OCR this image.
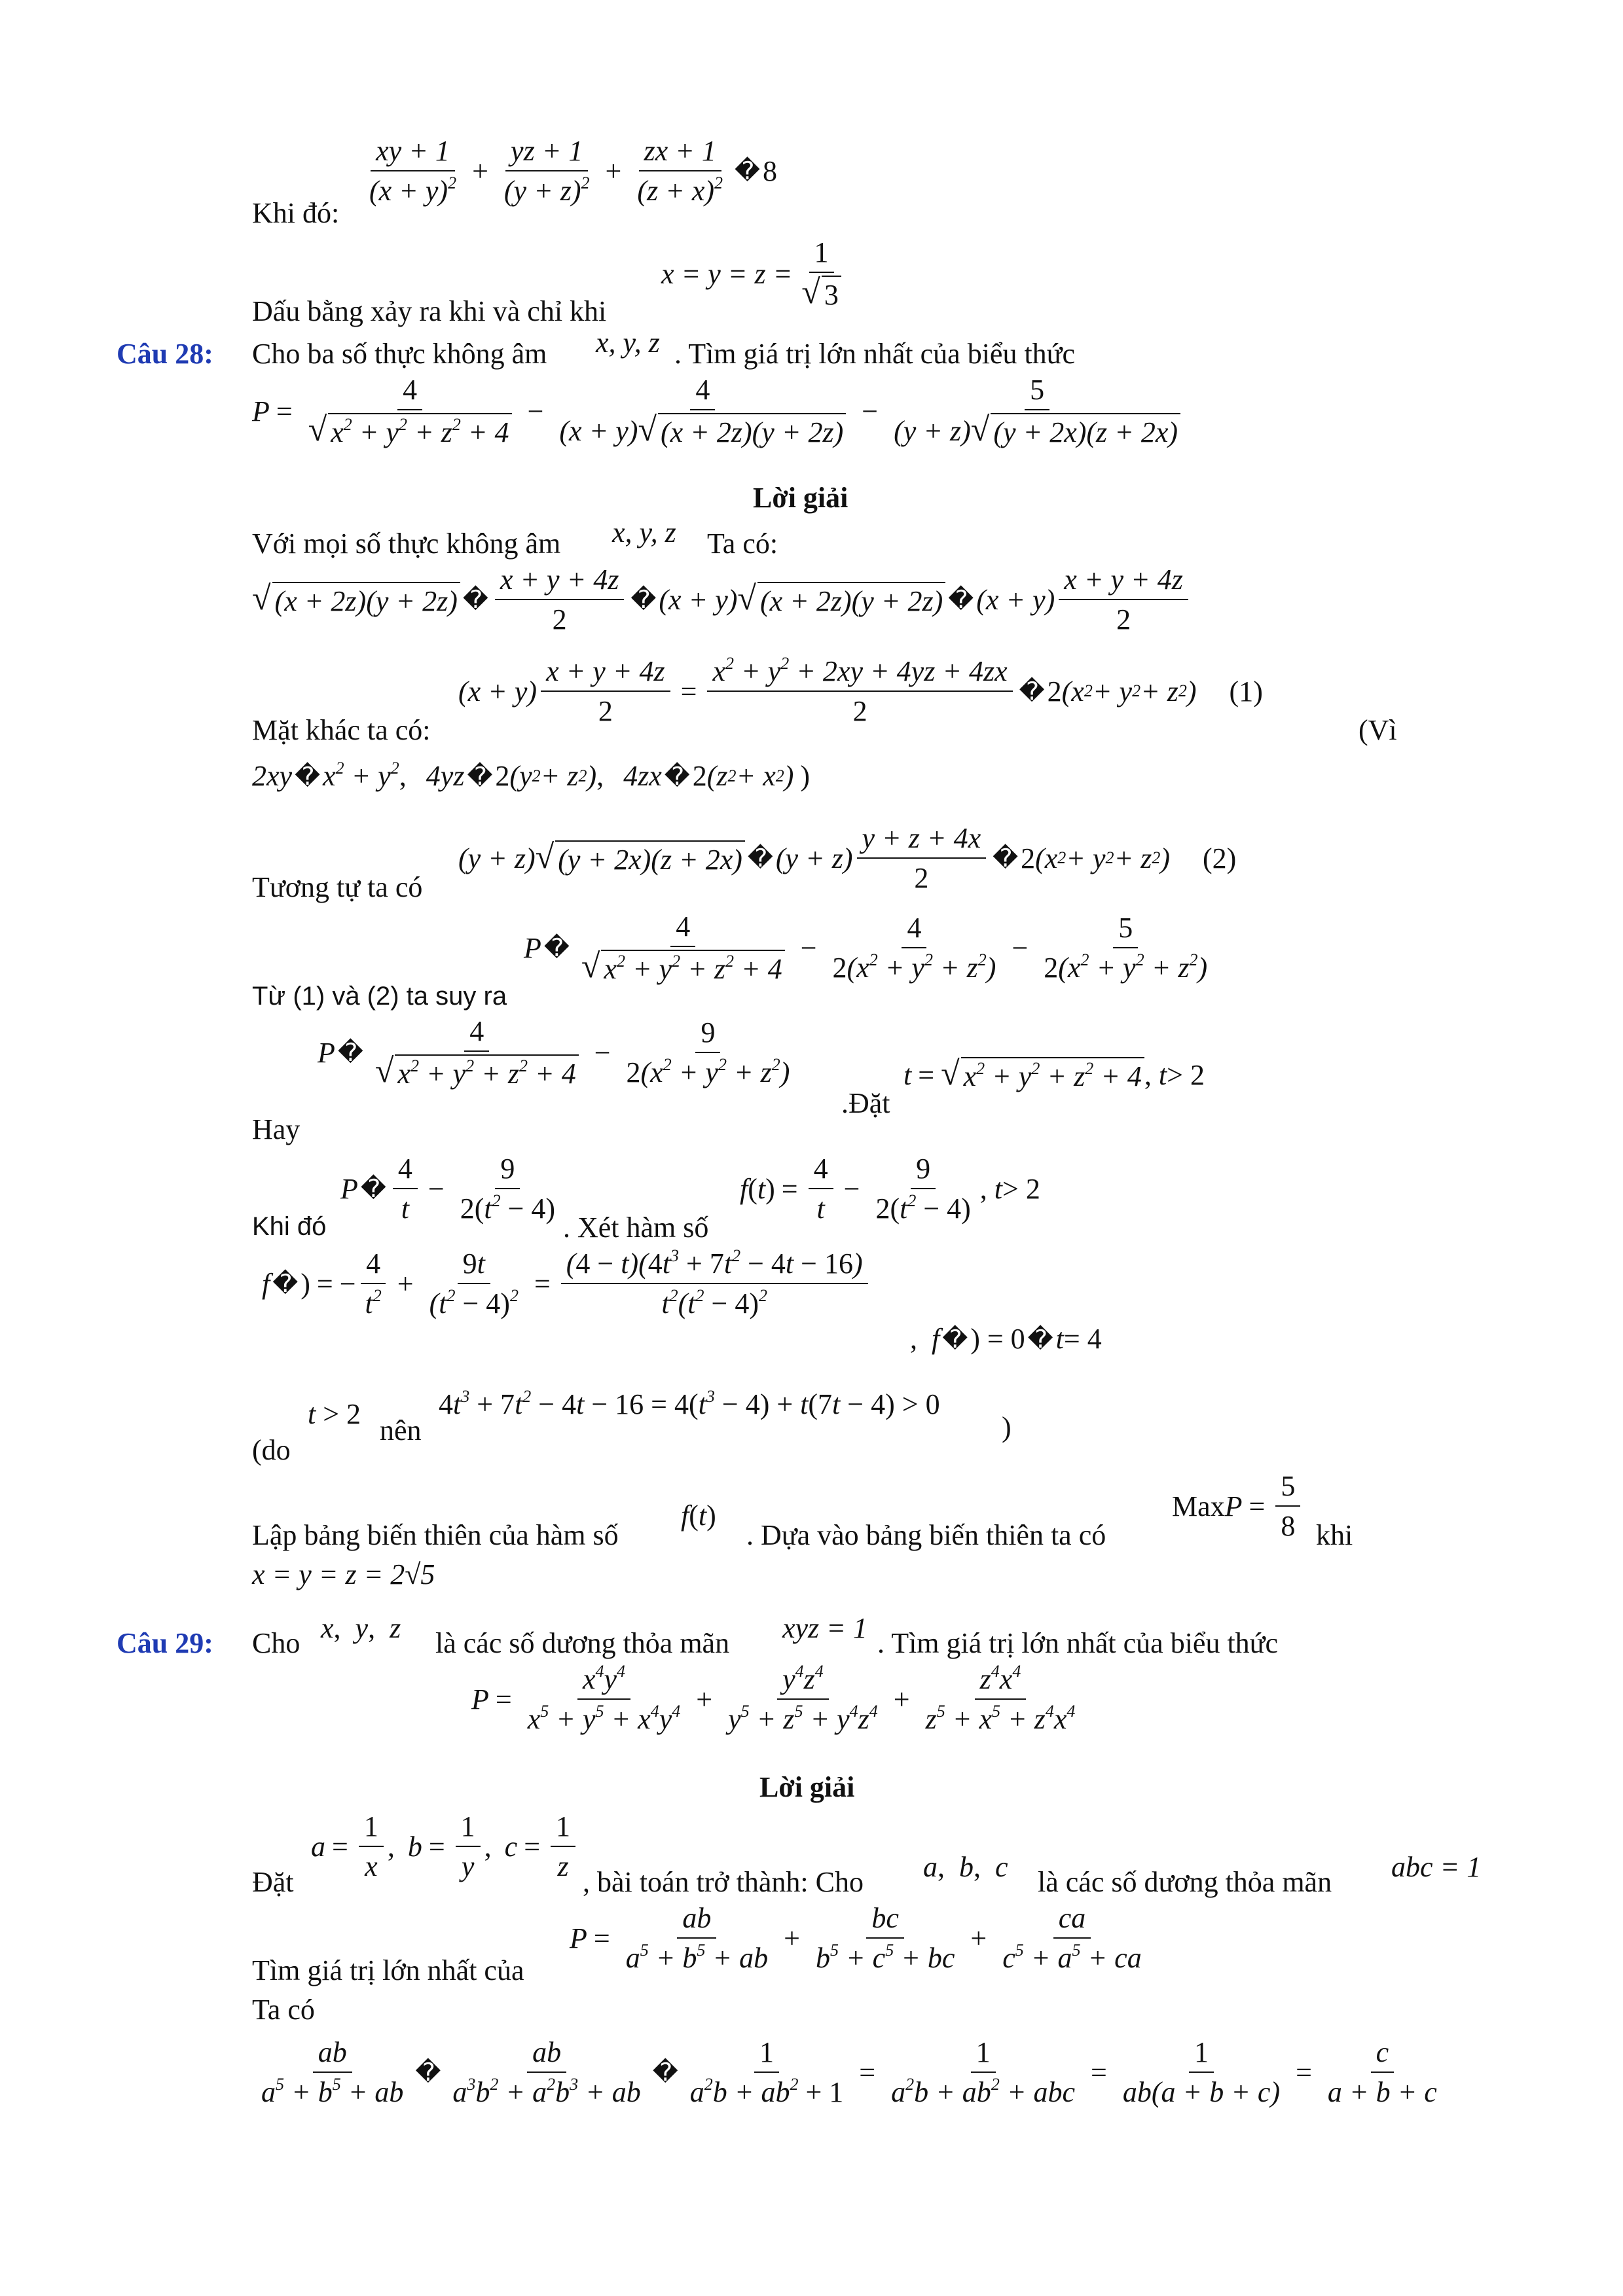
$\frac{xy + 1}{(x + y)^2} + \frac{yz + 1}{(y + z)^2} + \frac{zx + 1}{(z + x)^2}$ � 8
Khi đó:
$x = y = z = \frac{1}{√ 3}$
Dấu bằng xảy ra khi và chỉ khi
Câu 28: Cho ba số thực không âm x, y, z . Tìm giá trị lớn nhất của biểu thức
$P = \frac{4}{√ x^2 + y^2 + z^2 + 4} - \frac{4}{(x + y) √ (x + 2z)(y + 2z)} - \frac{5}{(y + z) √ (y + 2x)(z + 2x)}$
Lời giải
Với mọi số thực không âm x, y, z Ta có:
√ (x + 2z)(y + 2z) � $\frac{x + y + 4z}{2}$ � (x + y) √ (x + 2z)(y + 2z) � $(x + y) \frac{x + y + 4z}{2}$
$(x + y) \frac{x + y + 4z}{2} = \frac{x^2 + y^2 + 2xy + 4yz + 4zx}{2}$ � 2 (x 2 + y 2 + z 2 ) (1)
Mặt khác ta có:	(Vì
2xy � $x^2 + y^2$ , 4yz � 2 (y 2 + z 2 ) , 4zx � 2 (z 2 + x 2 ) )
(y + z) √ (y + 2x)(z + 2x) � $(y + z) \frac{y + z + 4x}{2}$ � 2 (x 2 + y 2 + z 2 ) (2)
Tương tự ta có
P � $\frac{4}{√ x^2 + y^2 + z^2 + 4} - \frac{4}{2(x^2 + y^2 + z^2)} - \frac{5}{2(x^2 + y^2 + z^2)}$
Từ (1) và (2) ta suy ra
P � $\frac{4}{√ x^2 + y^2 + z^2 + 4} - \frac{9}{2(x^2 + y^2 + z^2)}$
.Đặt
t = √ $x^2 + y^2 + z^2 + 4$ , t > 2
Hay
P � $\frac{4}{t} - \frac{9}{2(t^2 - 4)}$
Khi đó	. Xét hàm số
f ( t ) = $\frac{4}{t} - \frac{9}{2(t^2 - 4)}$ , t > 2
f � ) = − $\frac{4}{t^2} + \frac{9t}{(t^2 - 4)^2} = \frac{(4 - t)(4t^3 + 7t^2 - 4t - 16)}{t^2(t^2 - 4)^2}$
,
f � ) = 0 � t = 4
t > 2
nên
$4t^3 + 7t^2 - 4t - 16 = 4(t^3 - 4) + t(7t - 4) > 0$
(do
)
Max $P = \frac{5}{8}$
Lập bảng biến thiên của hàm số
f(t)
. Dựa vào bảng biến thiên ta có	khi
x = y = z = 2√5
Câu 29: Cho x,  y,  z là các số dương thỏa mãn xyz = 1 . Tìm giá trị lớn nhất của biểu thức
$P = \frac{x^4y^4}{x^5 + y^5 + x^4y^4} + \frac{y^4z^4}{y^5 + z^5 + y^4z^4} + \frac{z^4x^4}{z^5 + x^5 + z^4x^4}$
Lời giải
$a = \frac{1}{x}$ , $b = \frac{1}{y}$ , $c = \frac{1}{z}$
Đặt	, bài toán trở thành: Cho a,  b,  c là các số dương thỏa mãn abc = 1
$P = \frac{ab}{a^5 + b^5 + ab} + \frac{bc}{b^5 + c^5 + bc} + \frac{ca}{c^5 + a^5 + ca}$
Tìm giá trị lớn nhất của
Ta có
$\frac{ab}{a^5 + b^5 + ab}$ � $\frac{ab}{a^3b^2 + a^2b^3 + ab}$ � $\frac{1}{a^2b + ab^2 + 1} = \frac{1}{a^2b + ab^2 + abc} = \frac{1}{ab(a + b + c)} = \frac{c}{a + b + c}$
